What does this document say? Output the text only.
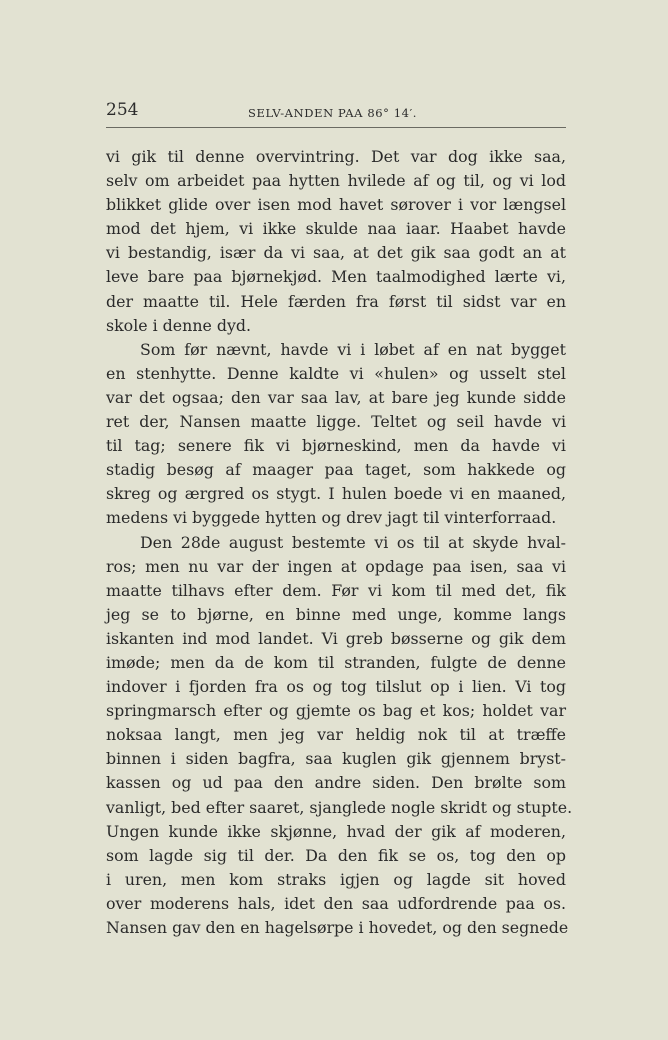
254	SELV-ANDEN PAA 86° 14′.
vi gik til denne overvintring. Det var dog ikke saa,
selv om arbeidet paa hytten hvilede af og til, og vi lod
blikket glide over isen mod havet sørover i vor længsel
mod det hjem, vi ikke skulde naa iaar. Haabet havde
vi bestandig, især da vi saa, at det gik saa godt an at
leve bare paa bjørnekjød. Men taalmodighed lærte vi,
der maatte til. Hele færden fra først til sidst var en
skole i denne dyd.
Som før nævnt, havde vi i løbet af en nat bygget
en stenhytte. Denne kaldte vi «hulen» og usselt stel
var det ogsaa; den var saa lav, at bare jeg kunde sidde
ret der, Nansen maatte ligge. Teltet og seil havde vi
til tag; senere fik vi bjørneskind, men da havde vi
stadig besøg af maager paa taget, som hakkede og
skreg og ærgred os stygt. I hulen boede vi en maaned,
medens vi byggede hytten og drev jagt til vinterforraad.
Den 28de august bestemte vi os til at skyde hval-
ros; men nu var der ingen at opdage paa isen, saa vi
maatte tilhavs efter dem. Før vi kom til med det, fik
jeg se to bjørne, en binne med unge, komme langs
iskanten ind mod landet. Vi greb bøsserne og gik dem
imøde; men da de kom til stranden, fulgte de denne
indover i fjorden fra os og tog tilslut op i lien. Vi tog
springmarsch efter og gjemte os bag et kos; holdet var
noksaa langt, men jeg var heldig nok til at træffe
binnen i siden bagfra, saa kuglen gik gjennem bryst-
kassen og ud paa den andre siden. Den brølte som
vanligt, bed efter saaret, sjanglede nogle skridt og stupte.
Ungen kunde ikke skjønne, hvad der gik af moderen,
som lagde sig til der. Da den fik se os, tog den op
i uren, men kom straks igjen og lagde sit hoved
over moderens hals, idet den saa udfordrende paa os.
Nansen gav den en hagelsørpe i hovedet, og den segnede
